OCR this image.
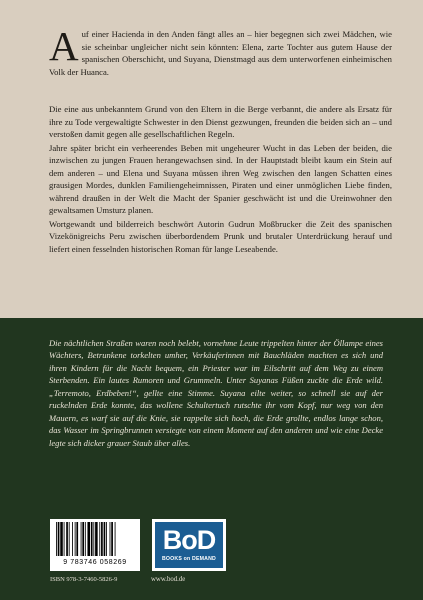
Auf einer Hacienda in den Anden fängt alles an – hier begegnen sich zwei Mädchen, wie sie scheinbar ungleicher nicht sein könnten: Elena, zarte Tochter aus gutem Hause der spanischen Oberschicht, und Suyana, Dienstmagd aus dem unterworfenen einheimischen Volk der Huanca.

Die eine aus unbekanntem Grund von den Eltern in die Berge verbannt, die andere als Ersatz für ihre zu Tode vergewaltigte Schwester in den Dienst gezwungen, freunden die beiden sich an – und verstoßen damit gegen alle gesellschaftlichen Regeln.

Jahre später bricht ein verheerendes Beben mit ungeheurer Wucht in das Leben der beiden, die inzwischen zu jungen Frauen herangewachsen sind. In der Hauptstadt bleibt kaum ein Stein auf dem anderen – und Elena und Suyana müssen ihren Weg zwischen den langen Schatten eines grausigen Mordes, dunklen Familiengeheimnissen, Piraten und einer unmöglichen Liebe finden, während draußen in der Welt die Macht der Spanier geschwächt ist und die Ureinwohner den gewaltsamen Umsturz planen.

Wortgewandt und bilderreich beschwört Autorin Gudrun Moßbrucker die Zeit des spanischen Vizekönigreichs Peru zwischen überbordendem Prunk und brutaler Unterdrückung herauf und liefert einen fesselnden historischen Roman für lange Leseabende.

Die nächtlichen Straßen waren noch belebt, vornehme Leute trippelten hinter der Öllampe eines Wächters, Betrunkene torkelten umher, Verkäuferinnen mit Bauchläden machten es sich und ihren Kindern für die Nacht bequem, ein Priester war im Eilschritt auf dem Weg zu einem Sterbenden. Ein lautes Rumoren und Grummeln. Unter Suyanas Füßen zuckte die Erde wild. „Terremoto, Erdbeben!“, gellte eine Stimme. Suyana eilte weiter, so schnell sie auf der ruckelnden Erde konnte, das wollene Schultertuch rutschte ihr vom Kopf, nur weg von den Mauern, es warf sie auf die Knie, sie rappelte sich hoch, die Erde grollte, endlos lange schon, das Wasser im Springbrunnen versiegte von einem Moment auf den anderen und wie eine Decke legte sich dicker grauer Staub über alles.
9 783746 058269
ISBN 978-3-7460-5826-9
BoD
BOOKS on DEMAND
www.bod.de
